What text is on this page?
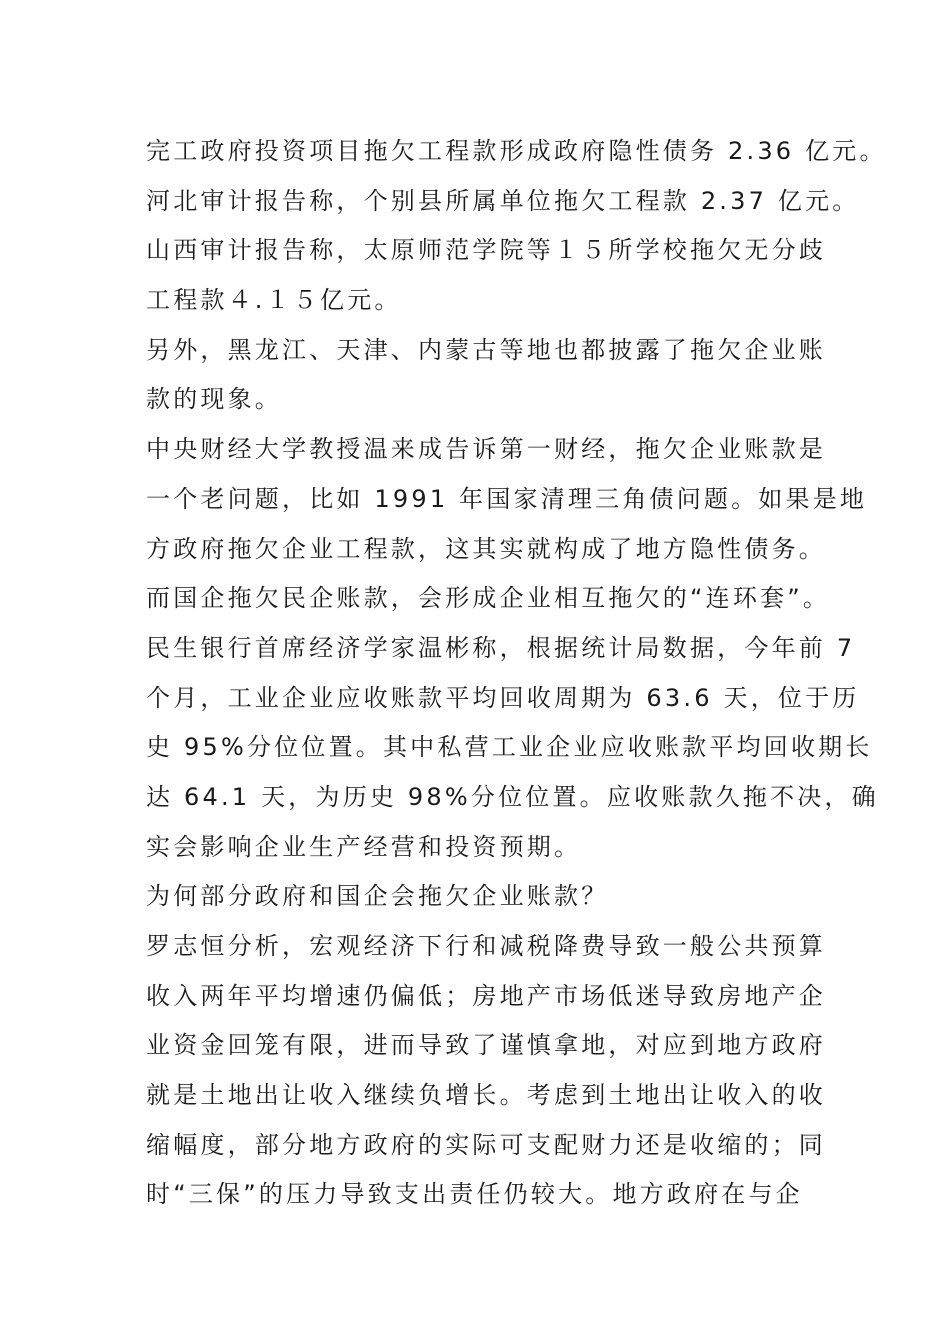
完工政府投资项目拖欠工程款形成政府隐性债务 2.36 亿元。
河北审计报告称，个别县所属单位拖欠工程款 2.37 亿元。
山西审计报告称，太原师范学院等１５所学校拖欠无分歧
工程款４.１５亿元。
另外，黑龙江、天津、内蒙古等地也都披露了拖欠企业账
款的现象。
中央财经大学教授温来成告诉第一财经，拖欠企业账款是
一个老问题，比如 1991 年国家清理三角债问题。如果是地
方政府拖欠企业工程款，这其实就构成了地方隐性债务。
而国企拖欠民企账款，会形成企业相互拖欠的“连环套”。
民生银行首席经济学家温彬称，根据统计局数据，今年前 7
个月，工业企业应收账款平均回收周期为 63.6 天，位于历
史 95%分位位置。其中私营工业企业应收账款平均回收期长
达 64.1 天，为历史 98%分位位置。应收账款久拖不决，确
实会影响企业生产经营和投资预期。
为何部分政府和国企会拖欠企业账款？
罗志恒分析，宏观经济下行和减税降费导致一般公共预算
收入两年平均增速仍偏低；房地产市场低迷导致房地产企
业资金回笼有限，进而导致了谨慎拿地，对应到地方政府
就是土地出让收入继续负增长。考虑到土地出让收入的收
缩幅度，部分地方政府的实际可支配财力还是收缩的；同
时“三保”的压力导致支出责任仍较大。地方政府在与企
